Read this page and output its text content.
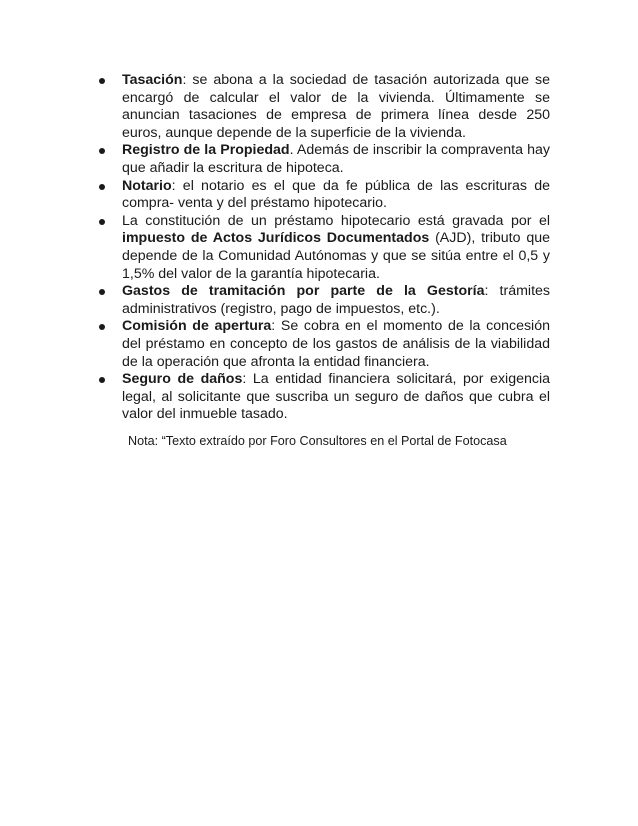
Tasación: se abona a la sociedad de tasación autorizada que se encargó de calcular el valor de la vivienda. Últimamente se anuncian tasaciones de empresa de primera línea desde 250 euros, aunque depende de la superficie de la vivienda.
Registro de la Propiedad. Además de inscribir la compraventa hay que añadir la escritura de hipoteca.
Notario: el notario es el que da fe pública de las escrituras de compra- venta y del préstamo hipotecario.
La constitución de un préstamo hipotecario está gravada por el impuesto de Actos Jurídicos Documentados (AJD), tributo que depende de la Comunidad Autónomas y que se sitúa entre el 0,5 y 1,5% del valor de la garantía hipotecaria.
Gastos de tramitación por parte de la Gestoría: trámites administrativos (registro, pago de impuestos, etc.).
Comisión de apertura: Se cobra en el momento de la concesión del préstamo en concepto de los gastos de análisis de la viabilidad de la operación que afronta la entidad financiera.
Seguro de daños: La entidad financiera solicitará, por exigencia legal, al solicitante que suscriba un seguro de daños que cubra el valor del inmueble tasado.
Nota: “Texto extraído por Foro Consultores en el Portal de Fotocasa
